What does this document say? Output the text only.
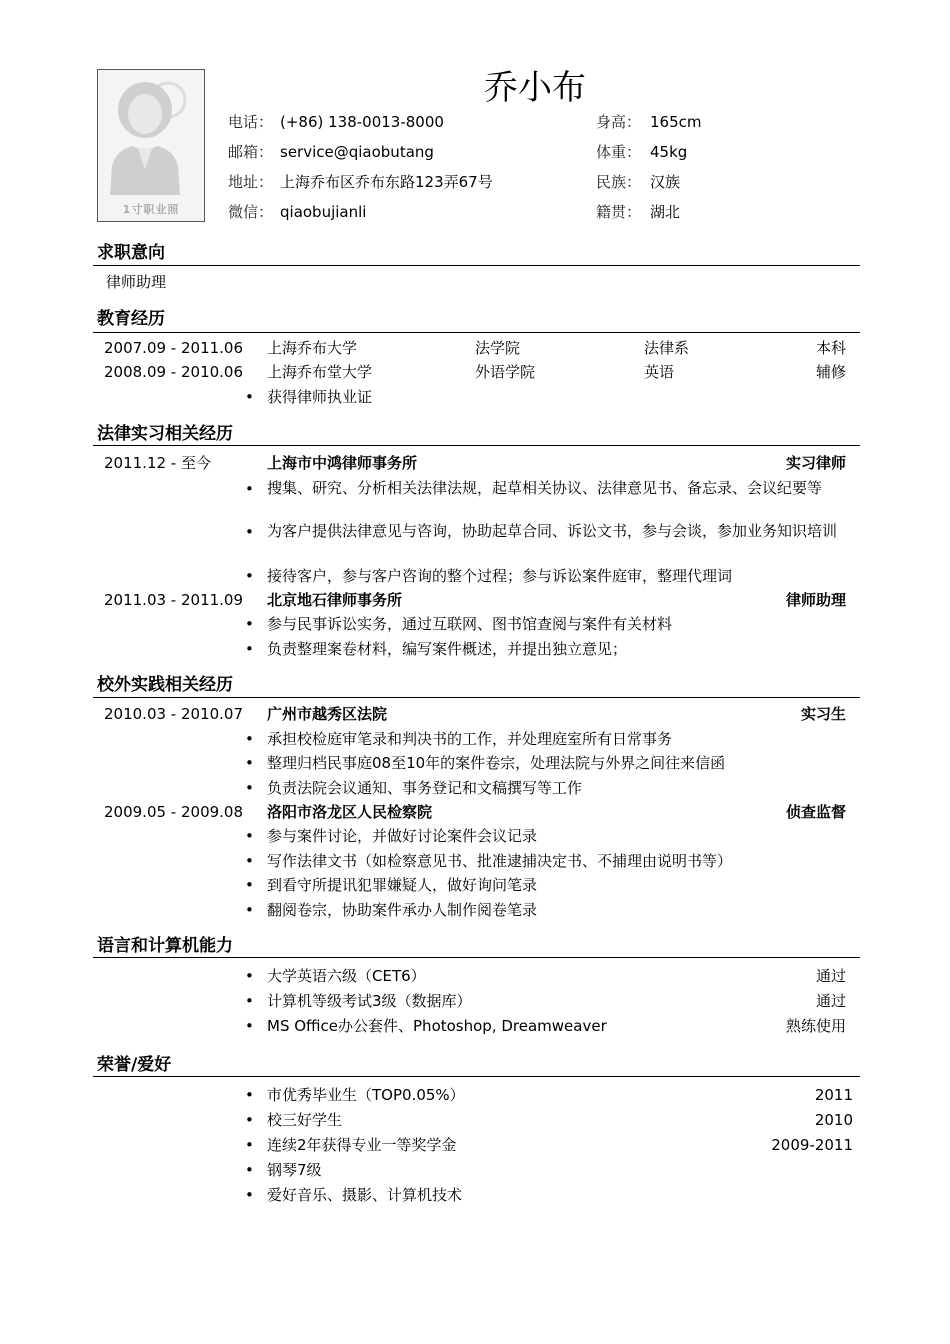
1寸职业照
乔小布
电话： (+86) 138-0013-8000
邮箱： service@qiaobutang
地址： 上海乔布区乔布东路123弄67号
微信： qiaobujianli
身高： 165cm
体重： 45kg
民族： 汉族
籍贯： 湖北
求职意向
律师助理
教育经历
2007.09 - 2011.06 上海乔布大学	法学院	法律系	本科
2008.09 - 2010.06 上海乔布堂大学	外语学院	英语	辅修
• 获得律师执业证
法律实习相关经历
2011.12 - 至今	上海市中鸿律师事务所	实习律师
• 搜集、研究、分析相关法律法规，起草相关协议、法律意见书、备忘录、会议纪要等
• 为客户提供法律意见与咨询，协助起草合同、诉讼文书，参与会谈，参加业务知识培训
• 接待客户，参与客户咨询的整个过程；参与诉讼案件庭审，整理代理词
2011.03 - 2011.09 北京地石律师事务所	律师助理
• 参与民事诉讼实务，通过互联网、图书馆查阅与案件有关材料
• 负责整理案卷材料，编写案件概述，并提出独立意见；
校外实践相关经历
2010.03 - 2010.07 广州市越秀区法院	实习生
• 承担校检庭审笔录和判决书的工作，并处理庭室所有日常事务
• 整理归档民事庭08至10年的案件卷宗，处理法院与外界之间往来信函
• 负责法院会议通知、事务登记和文稿撰写等工作
2009.05 - 2009.08 洛阳市洛龙区人民检察院	侦查监督
• 参与案件讨论，并做好讨论案件会议记录
• 写作法律文书（如检察意见书、批准逮捕决定书、不捕理由说明书等）
• 到看守所提讯犯罪嫌疑人，做好询问笔录
• 翻阅卷宗，协助案件承办人制作阅卷笔录
语言和计算机能力
• 大学英语六级（CET6）	通过
• 计算机等级考试3级（数据库）	通过
• MS Office办公套件、Photoshop, Dreamweaver	熟练使用
荣誉/爱好
• 市优秀毕业生（TOP0.05%）	2011
• 校三好学生	2010
• 连续2年获得专业一等奖学金	2009-2011
• 钢琴7级
• 爱好音乐、摄影、计算机技术
